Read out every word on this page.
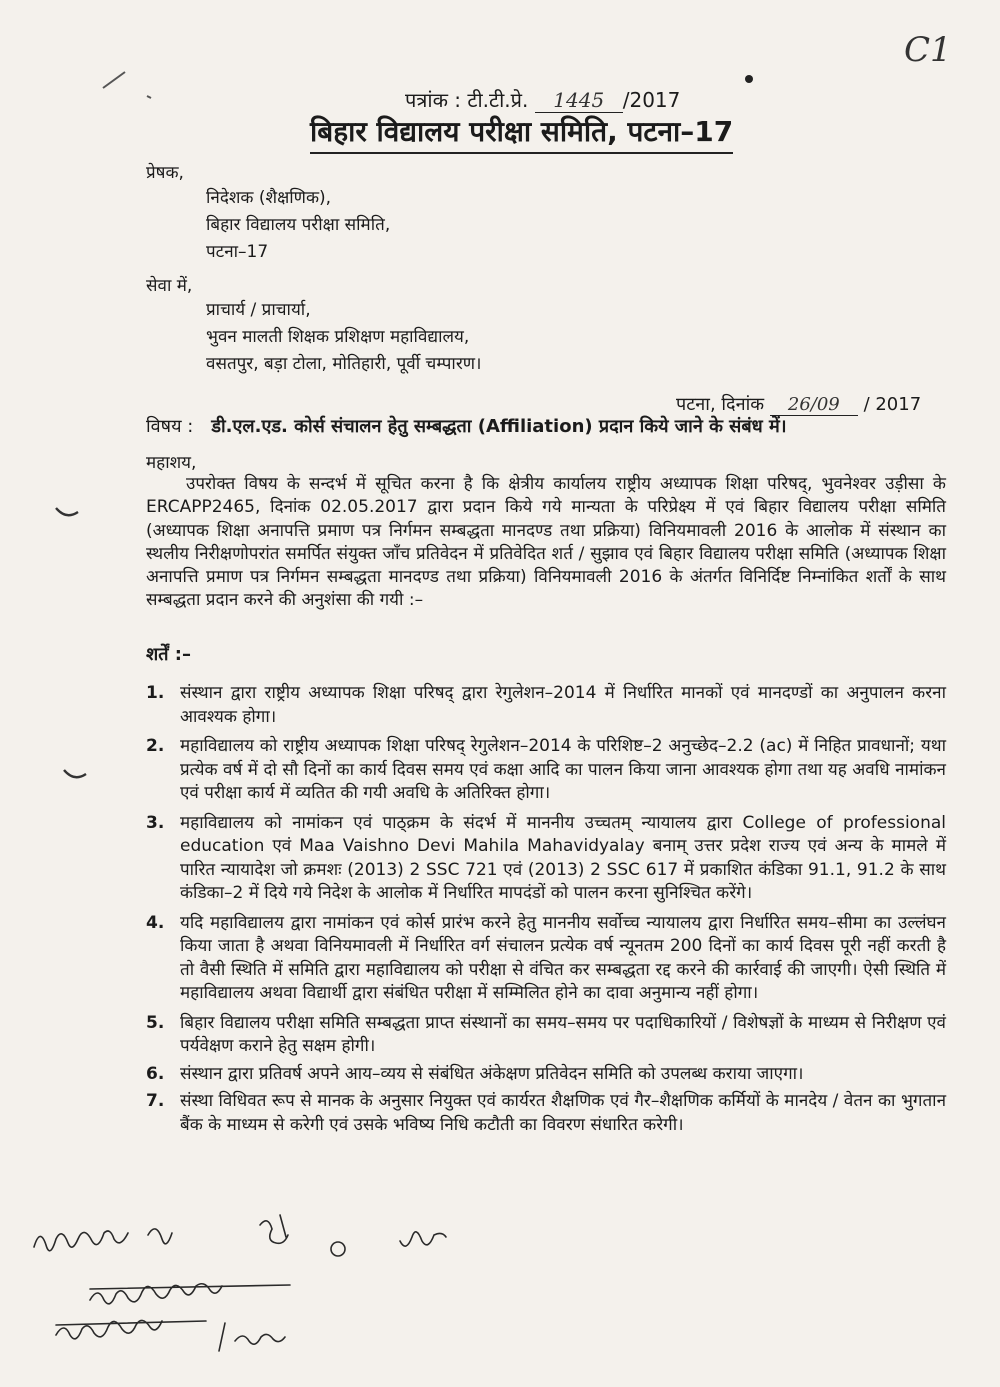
C1
पत्रांक : टी.टी.प्रे. 1445 /2017
बिहार विद्यालय परीक्षा समिति, पटना–17
प्रेषक,
निदेशक (शैक्षणिक),
बिहार विद्यालय परीक्षा समिति,
पटना–17
सेवा में,
प्राचार्य / प्राचार्या,
भुवन मालती शिक्षक प्रशिक्षण महाविद्यालय,
वसतपुर, बड़ा टोला, मोतिहारी, पूर्वी चम्पारण।
पटना, दिनांक 26/09 / 2017
विषय : डी.एल.एड. कोर्स संचालन हेतु सम्बद्धता (Affiliation) प्रदान किये जाने के संबंध में।
महाशय,
उपरोक्त विषय के सन्दर्भ में सूचित करना है कि क्षेत्रीय कार्यालय राष्ट्रीय अध्यापक शिक्षा परिषद्, भुवनेश्वर उड़ीसा के ERCAPP2465, दिनांक 02.05.2017 द्वारा प्रदान किये गये मान्यता के परिप्रेक्ष्य में एवं बिहार विद्यालय परीक्षा समिति (अध्यापक शिक्षा अनापत्ति प्रमाण पत्र निर्गमन सम्बद्धता मानदण्ड तथा प्रक्रिया) विनियमावली 2016 के आलोक में संस्थान का स्थलीय निरीक्षणोपरांत समर्पित संयुक्त जाँच प्रतिवेदन में प्रतिवेदित शर्त / सुझाव एवं बिहार विद्यालय परीक्षा समिति (अध्यापक शिक्षा अनापत्ति प्रमाण पत्र निर्गमन सम्बद्धता मानदण्ड तथा प्रक्रिया) विनियमावली 2016 के अंतर्गत विनिर्दिष्ट निम्नांकित शर्तों के साथ सम्बद्धता प्रदान करने की अनुशंसा की गयी :–
शर्तें :–
1. संस्थान द्वारा राष्ट्रीय अध्यापक शिक्षा परिषद् द्वारा रेगुलेशन–2014 में निर्धारित मानकों एवं मानदण्डों का अनुपालन करना आवश्यक होगा।
2. महाविद्यालय को राष्ट्रीय अध्यापक शिक्षा परिषद् रेगुलेशन–2014 के परिशिष्ट–2 अनुच्छेद–2.2 (ac) में निहित प्रावधानों; यथा प्रत्येक वर्ष में दो सौ दिनों का कार्य दिवस समय एवं कक्षा आदि का पालन किया जाना आवश्यक होगा तथा यह अवधि नामांकन एवं परीक्षा कार्य में व्यतित की गयी अवधि के अतिरिक्त होगा।
3. महाविद्यालय को नामांकन एवं पाठ्क्रम के संदर्भ में माननीय उच्चतम् न्यायालय द्वारा College of professional education एवं Maa Vaishno Devi Mahila Mahavidyalay बनाम् उत्तर प्रदेश राज्य एवं अन्य के मामले में पारित न्यायादेश जो क्रमशः (2013) 2 SSC 721 एवं (2013) 2 SSC 617 में प्रकाशित कंडिका 91.1, 91.2 के साथ कंडिका–2 में दिये गये निदेश के आलोक में निर्धारित मापदंडों को पालन करना सुनिश्चित करेंगे।
4. यदि महाविद्यालय द्वारा नामांकन एवं कोर्स प्रारंभ करने हेतु माननीय सर्वोच्च न्यायालय द्वारा निर्धारित समय–सीमा का उल्लंघन किया जाता है अथवा विनियमावली में निर्धारित वर्ग संचालन प्रत्येक वर्ष न्यूनतम 200 दिनों का कार्य दिवस पूरी नहीं करती है तो वैसी स्थिति में समिति द्वारा महाविद्यालय को परीक्षा से वंचित कर सम्बद्धता रद्द करने की कार्रवाई की जाएगी। ऐसी स्थिति में महाविद्यालय अथवा विद्यार्थी द्वारा संबंधित परीक्षा में सम्मिलित होने का दावा अनुमान्य नहीं होगा।
5. बिहार विद्यालय परीक्षा समिति सम्बद्धता प्राप्त संस्थानों का समय–समय पर पदाधिकारियों / विशेषज्ञों के माध्यम से निरीक्षण एवं पर्यवेक्षण कराने हेतु सक्षम होगी।
6. संस्थान द्वारा प्रतिवर्ष अपने आय–व्यय से संबंधित अंकेक्षण प्रतिवेदन समिति को उपलब्ध कराया जाएगा।
7. संस्था विधिवत रूप से मानक के अनुसार नियुक्त एवं कार्यरत शैक्षणिक एवं गैर–शैक्षणिक कर्मियों के मानदेय / वेतन का भुगतान बैंक के माध्यम से करेगी एवं उसके भविष्य निधि कटौती का विवरण संधारित करेगी।
